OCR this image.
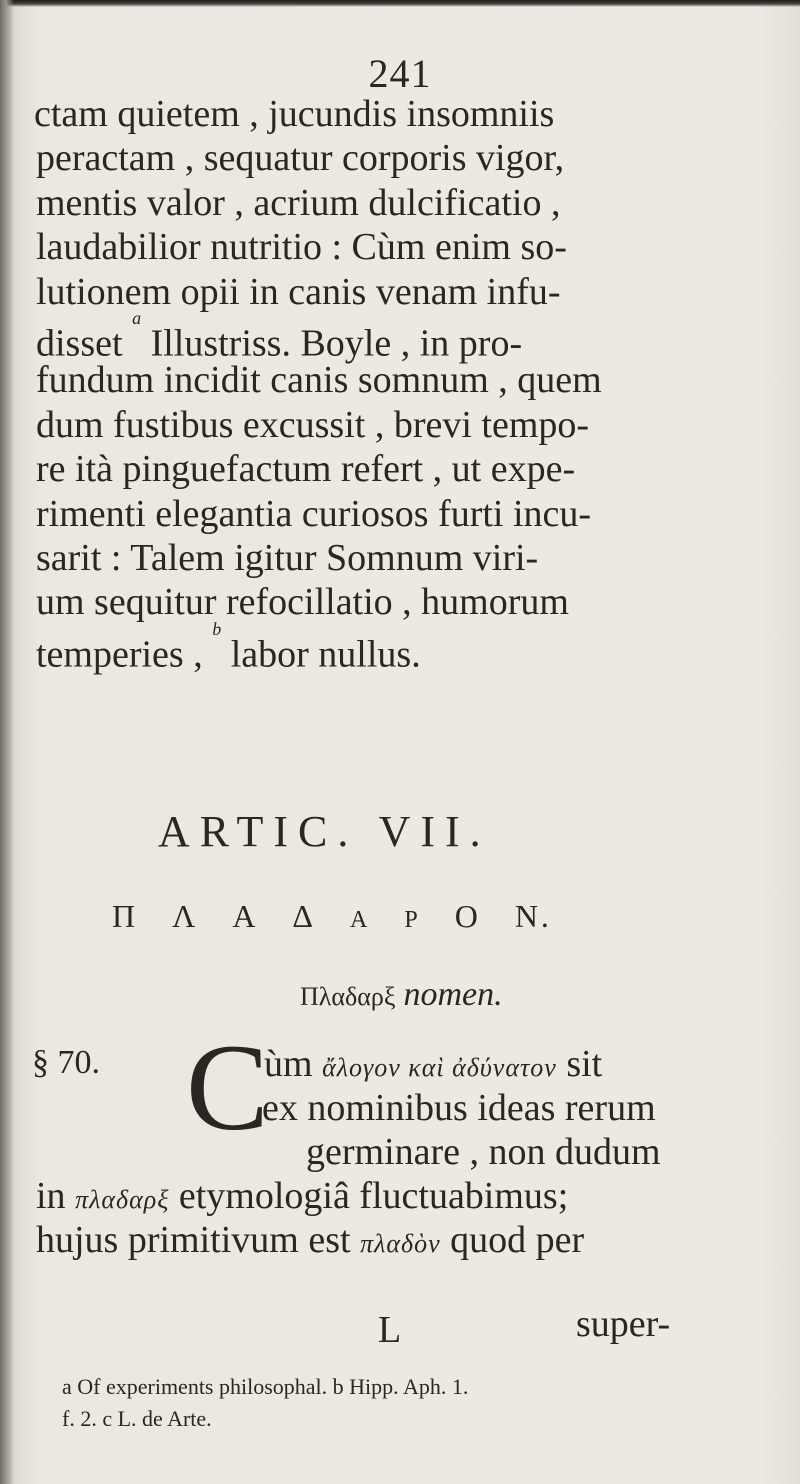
241
ctam quietem , jucundis insomniis
peractam , sequatur corporis vigor,
mentis valor , acrium dulcificatio ,
laudabilior nutritio : Cùm enim so-
lutionem opii in canis venam infu-
disset $^a$ Illustriss. Boyle , in pro-
fundum incidit canis somnum , quem
dum fustibus excussit , brevi tempo-
re ità pinguefactum refert , ut expe-
rimenti elegantia curiosos furti incu-
sarit : Talem igitur Somnum viri-
um sequitur refocillatio , humorum
temperies , $^b$ labor nullus.
ARTIC. VII.
Π Λ Α Δ Α Ρ Ο Ν.
Πλαδαρξ nomen.
§ 70. C
ùm ἄλογον καὶ ἀδύνατον sit
ex nominibus ideas rerum
germinare , non dudum
in πλαδαρξ etymologiâ fluctuabimus;
hujus primitivum est πλαδὸν quod per
L	super-
a Of experiments philosophal. b Hipp. Aph. 1.
f. 2. c L. de Arte.
